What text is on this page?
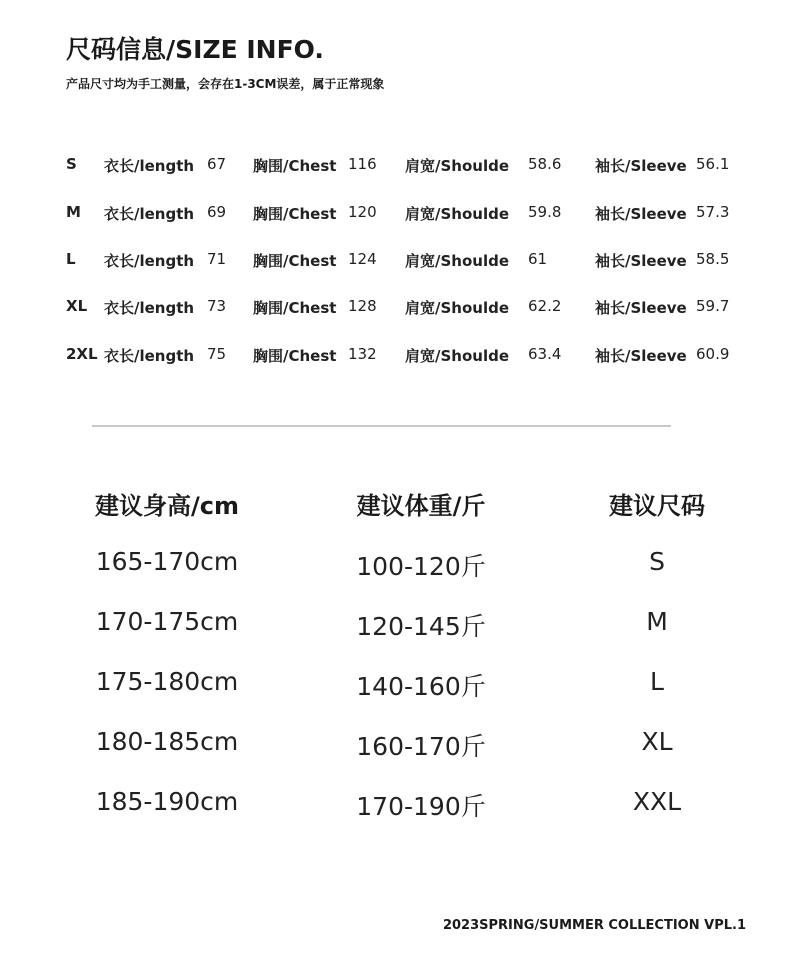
尺码信息/SIZE INFO.
产品尺寸均为手工测量，会存在1-3CM误差，属于正常现象
S 衣长/length 67 胸围/Chest 116 肩宽/Shoulde 58.6 袖长/Sleeve 56.1
M 衣长/length 69 胸围/Chest 120 肩宽/Shoulde 59.8 袖长/Sleeve 57.3
L 衣长/length 71 胸围/Chest 124 肩宽/Shoulde 61	袖长/Sleeve 58.5
XL 衣长/length 73 胸围/Chest 128 肩宽/Shoulde 62.2 袖长/Sleeve 59.7
2XL 衣长/length 75 胸围/Chest 132 肩宽/Shoulde 63.4 袖长/Sleeve 60.9
建议身高/cm	建议体重/斤	建议尺码
165-170cm	100-120斤	S
170-175cm	120-145斤	M
175-180cm	140-160斤	L
180-185cm	160-170斤	XL
185-190cm	170-190斤	XXL
2023SPRING/SUMMER COLLECTION VPL.1
